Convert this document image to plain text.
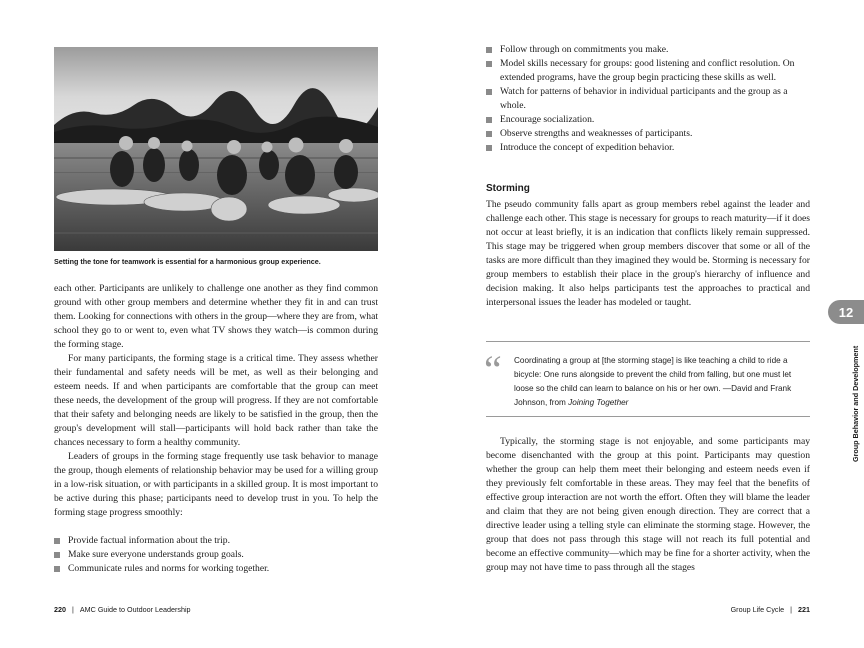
Setting the tone for teamwork is essential for a harmonious group experience.

each other. Participants are unlikely to challenge one another as they find common ground with other group members and determine whether they fit in and can trust them. Looking for connections with others in the group—where they are from, what school they go to or went to, even what TV shows they watch—is common during the forming stage.

For many participants, the forming stage is a critical time. They assess whether their fundamental and safety needs will be met, as well as their belonging and esteem needs. If and when participants are comfortable that the group can meet these needs, the development of the group will progress. If they are not comfortable that their safety and belonging needs are likely to be satisfied in the group, then the group's development will stall—participants will hold back rather than take the chances necessary to form a healthy community.

Leaders of groups in the forming stage frequently use task behavior to manage the group, though elements of relationship behavior may be used for a willing group in a low-risk situation, or with participants in a skilled group. It is most important to be active during this phase; participants need to develop trust in you. To help the forming stage progress smoothly:

Provide factual information about the trip.
Make sure everyone understands group goals.
Communicate rules and norms for working together.
220 | AMC Guide to Outdoor Leadership
Follow through on commitments you make.
Model skills necessary for groups: good listening and conflict resolution. On extended programs, have the group begin practicing these skills as well.
Watch for patterns of behavior in individual participants and the group as a whole.
Encourage socialization.
Observe strengths and weaknesses of participants.
Introduce the concept of expedition behavior.
Storming

The pseudo community falls apart as group members rebel against the leader and challenge each other. This stage is necessary for groups to reach maturity—if it does not occur at least briefly, it is an indication that conflicts likely remain suppressed. This stage may be triggered when group members discover that some or all of the tasks are more difficult than they imagined they would be. Storming is necessary for group members to establish their place in the group's hierarchy of influence and decision making. It also helps participants test the approaches to practical and interpersonal issues the leader has modeled or taught.

“	Coordinating a group at [the storming stage] is like teaching a child to ride a bicycle: One runs alongside to prevent the child from falling, but one must let loose so the child can learn to balance on his or her own. —David and Frank Johnson, from Joining Together

Typically, the storming stage is not enjoyable, and some participants may become disenchanted with the group at this point. Participants may question whether the group can help them meet their belonging and esteem needs even if they previously felt comfortable in these areas. They may feel that the benefits of effective group interaction are not worth the effort. Often they will blame the leader and claim that they are not being given enough direction. They are correct that a directive leader using a telling style can eliminate the storming stage. However, the group that does not pass through this stage will not reach its full potential and become an effective community—which may be fine for a shorter activity, when the group may not have time to pass through all the stages

12
Group Behavior and Development
Group Life Cycle | 221
